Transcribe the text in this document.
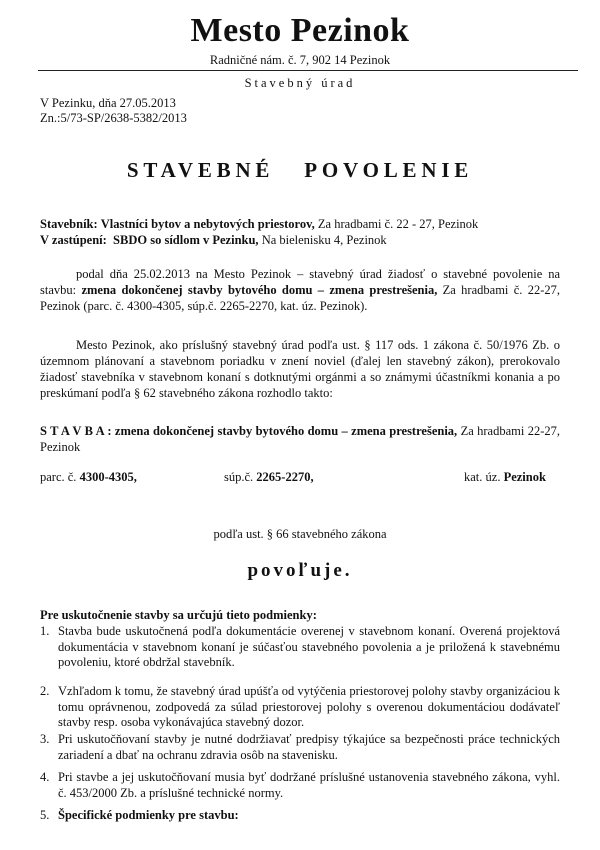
Mesto Pezinok
Radničné nám. č. 7, 902 14 Pezinok
Stavebný úrad
V Pezinku, dňa 27.05.2013
Zn.:5/73-SP/2638-5382/2013
STAVEBNÉ POVOLENIE
Stavebník: Vlastníci bytov a nebytových priestorov, Za hradbami č. 22 - 27, Pezinok
V zastúpení: SBDO so sídlom v Pezinku, Na bielenisku 4, Pezinok
podal dňa 25.02.2013 na Mesto Pezinok – stavebný úrad žiadosť o stavebné povolenie na stavbu: zmena dokončenej stavby bytového domu – zmena prestrešenia, Za hradbami č. 22-27, Pezinok (parc. č. 4300-4305, súp.č. 2265-2270, kat. úz. Pezinok).
Mesto Pezinok, ako príslušný stavebný úrad podľa ust. § 117 ods. 1 zákona č. 50/1976 Zb. o územnom plánovaní a stavebnom poriadku v znení noviel (ďalej len stavebný zákon), prerokovalo žiadosť stavebníka v stavebnom konaní s dotknutými orgánmi a so známymi účastníkmi konania a po preskúmaní podľa § 62 stavebného zákona rozhodlo takto:
S T A V B A : zmena dokončenej stavby bytového domu – zmena prestrešenia, Za hradbami 22-27, Pezinok
parc. č. 4300-4305,	súp.č. 2265-2270,	kat. úz. Pezinok
podľa ust. § 66 stavebného zákona
povoľuje.
Pre uskutočnenie stavby sa určujú tieto podmienky:
1. Stavba bude uskutočnená podľa dokumentácie overenej v stavebnom konaní. Overená projektová dokumentácia v stavebnom konaní je súčasťou stavebného povolenia a je priložená k stavebnému povoleniu, ktoré obdržal stavebník.
2. Vzhľadom k tomu, že stavebný úrad upúšťa od vytýčenia priestorovej polohy stavby organizáciou k tomu oprávnenou, zodpovedá za súlad priestorovej polohy s overenou dokumentáciou dodávateľ stavby resp. osoba vykonávajúca stavebný dozor.
3. Pri uskutočňovaní stavby je nutné dodržiavať predpisy týkajúce sa bezpečnosti práce technických zariadení a dbať na ochranu zdravia osôb na stavenisku.
4. Pri stavbe a jej uskutočňovaní musia byť dodržané príslušné ustanovenia stavebného zákona, vyhl. č. 453/2000 Zb. a príslušné technické normy.
5. Špecifické podmienky pre stavbu:
